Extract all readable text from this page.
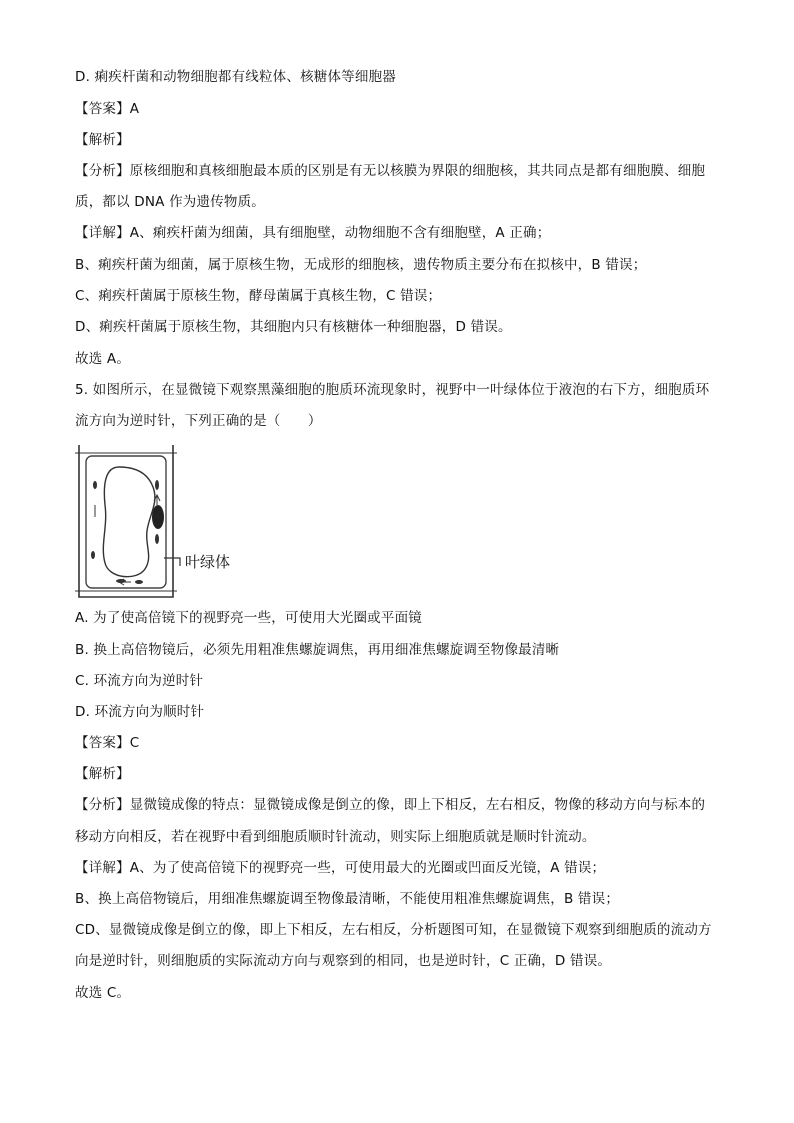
D. 痢疾杆菌和动物细胞都有线粒体、核糖体等细胞器
【答案】A
【解析】
【分析】原核细胞和真核细胞最本质的区别是有无以核膜为界限的细胞核，其共同点是都有细胞膜、细胞
质，都以 DNA 作为遗传物质。
【详解】A、痢疾杆菌为细菌，具有细胞壁，动物细胞不含有细胞壁，A 正确；
B、痢疾杆菌为细菌，属于原核生物，无成形的细胞核，遗传物质主要分布在拟核中，B 错误；
C、痢疾杆菌属于原核生物，酵母菌属于真核生物，C 错误；
D、痢疾杆菌属于原核生物，其细胞内只有核糖体一种细胞器，D 错误。
故选 A。
5. 如图所示，在显微镜下观察黑藻细胞的胞质环流现象时，视野中一叶绿体位于液泡的右下方，细胞质环
流方向为逆时针，下列正确的是（　　）
叶绿体
A. 为了使高倍镜下的视野亮一些，可使用大光圈或平面镜
B. 换上高倍物镜后，必须先用粗准焦螺旋调焦，再用细准焦螺旋调至物像最清晰
C. 环流方向为逆时针
D. 环流方向为顺时针
【答案】C
【解析】
【分析】显微镜成像的特点：显微镜成像是倒立的像，即上下相反，左右相反，物像的移动方向与标本的
移动方向相反，若在视野中看到细胞质顺时针流动，则实际上细胞质就是顺时针流动。
【详解】A、为了使高倍镜下的视野亮一些，可使用最大的光圈或凹面反光镜，A 错误；
B、换上高倍物镜后，用细准焦螺旋调至物像最清晰，不能使用粗准焦螺旋调焦，B 错误；
CD、显微镜成像是倒立的像，即上下相反，左右相反，分析题图可知，在显微镜下观察到细胞质的流动方
向是逆时针，则细胞质的实际流动方向与观察到的相同，也是逆时针，C 正确，D 错误。
故选 C。
